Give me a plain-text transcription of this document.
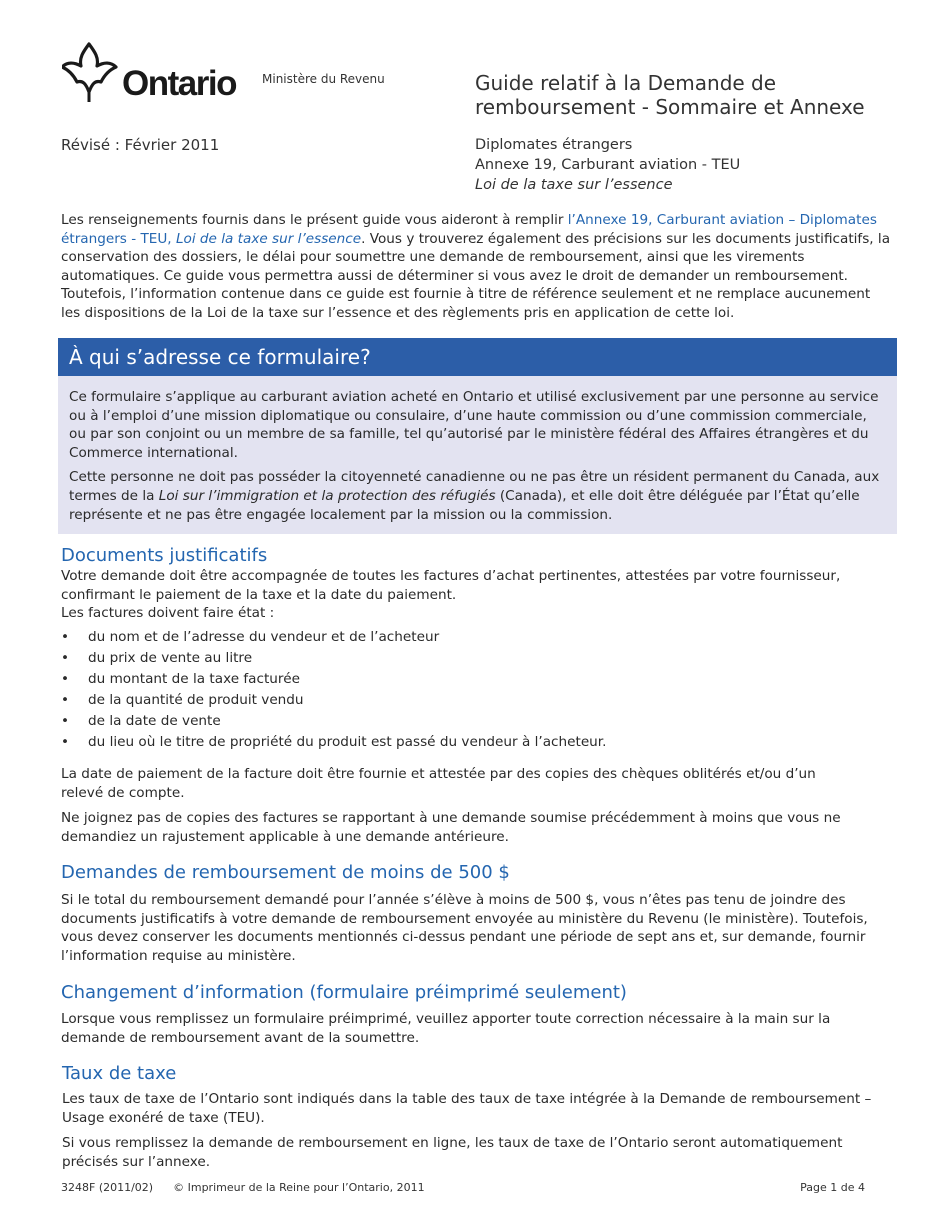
Ontario Ministère du Revenu	Guide relatif à la Demande de
remboursement - Sommaire et Annexe
Révisé : Février 2011	Diplomates étrangers
Annexe 19, Carburant aviation - TEU
Loi de la taxe sur l’essence

Les renseignements fournis dans le présent guide vous aideront à remplir l’Annexe 19, Carburant aviation – Diplomates étrangers - TEU, Loi de la taxe sur l’essence. Vous y trouverez également des précisions sur les documents justificatifs, la conservation des dossiers, le délai pour soumettre une demande de remboursement, ainsi que les virements automatiques. Ce guide vous permettra aussi de déterminer si vous avez le droit de demander un remboursement. Toutefois, l’information contenue dans ce guide est fournie à titre de référence seulement et ne remplace aucunement les dispositions de la Loi de la taxe sur l’essence et des règlements pris en application de cette loi.

À qui s’adresse ce formulaire?

Ce formulaire s’applique au carburant aviation acheté en Ontario et utilisé exclusivement par une personne au service ou à l’emploi d’une mission diplomatique ou consulaire, d’une haute commission ou d’une commission commerciale, ou par son conjoint ou un membre de sa famille, tel qu’autorisé par le ministère fédéral des Affaires étrangères et du Commerce international.

Cette personne ne doit pas posséder la citoyenneté canadienne ou ne pas être un résident permanent du Canada, aux termes de la Loi sur l’immigration et la protection des réfugiés (Canada), et elle doit être déléguée par l’État qu’elle représente et ne pas être engagée localement par la mission ou la commission.

Documents justificatifs
Votre demande doit être accompagnée de toutes les factures d’achat pertinentes, attestées par votre fournisseur,
confirmant le paiement de la taxe et la date du paiement.
Les factures doivent faire état :
• du nom et de l’adresse du vendeur et de l’acheteur
• du prix de vente au litre
• du montant de la taxe facturée
• de la quantité de produit vendu
• de la date de vente
• du lieu où le titre de propriété du produit est passé du vendeur à l’acheteur.

La date de paiement de la facture doit être fournie et attestée par des copies des chèques oblitérés et/ou d’un relevé de compte.

Ne joignez pas de copies des factures se rapportant à une demande soumise précédemment à moins que vous ne demandiez un rajustement applicable à une demande antérieure.

Demandes de remboursement de moins de 500 $

Si le total du remboursement demandé pour l’année s’élève à moins de 500 $, vous n’êtes pas tenu de joindre des documents justificatifs à votre demande de remboursement envoyée au ministère du Revenu (le ministère). Toutefois, vous devez conserver les documents mentionnés ci-dessus pendant une période de sept ans et, sur demande, fournir l’information requise au ministère.

Changement d’information (formulaire préimprimé seulement)

Lorsque vous remplissez un formulaire préimprimé, veuillez apporter toute correction nécessaire à la main sur la demande de remboursement avant de la soumettre.

Taux de taxe

Les taux de taxe de l’Ontario sont indiqués dans la table des taux de taxe intégrée à la Demande de remboursement – Usage exonéré de taxe (TEU).

Si vous remplissez la demande de remboursement en ligne, les taux de taxe de l’Ontario seront automatiquement précisés sur l’annexe.

3248F (2011/02) © Imprimeur de la Reine pour l’Ontario, 2011	Page 1 de 4
